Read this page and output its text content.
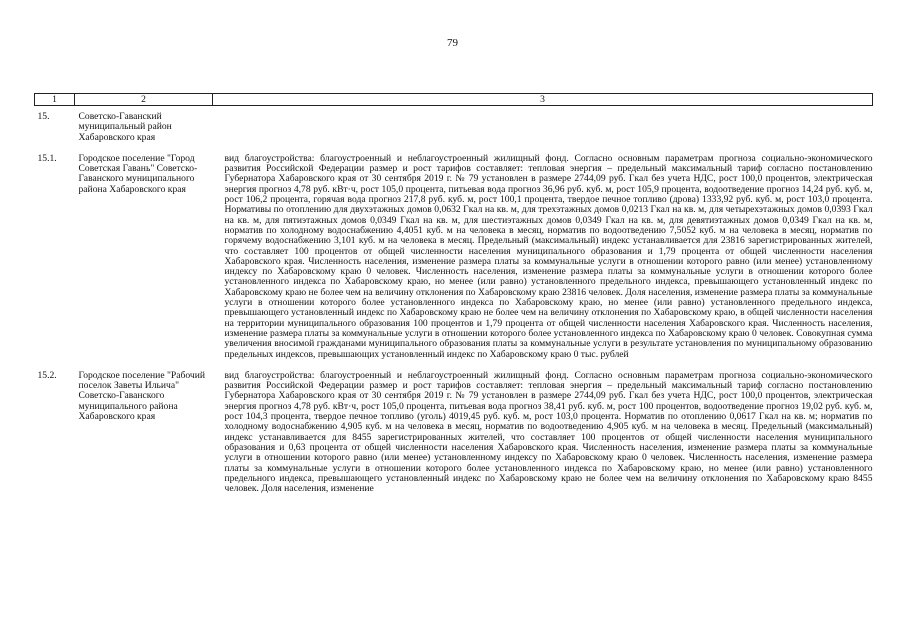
79
1	2	3

15.	Советско-Гаванский муниципальный район Хабаровского края	

15.1.	Городское поселение "Город Советская Гавань" Советско-Гаванского муниципального района Хабаровского края	вид благоустройства: благоустроенный и неблагоустроенный жилищный фонд. Согласно основным параметрам прогноза социально-экономического развития Российской Федерации размер и рост тарифов составляет: тепловая энергия – предельный максимальный тариф согласно постановлению Губернатора Хабаровского края от 30 сентября 2019 г. № 79 установлен в размере 2744,09 руб. Гкал без учета НДС, рост 100,0 процентов, электрическая энергия прогноз 4,78 руб. кВт·ч, рост 105,0 процента, питьевая вода прогноз 36,96 руб. куб. м, рост 105,9 процента, водоотведение прогноз 14,24 руб. куб. м, рост 106,2 процента, горячая вода прогноз 217,8 руб. куб. м, рост 100,1 процента, твердое печное топливо (дрова) 1333,92 руб. куб. м, рост 103,0 процента. Нормативы по отоплению для двухэтажных домов 0,0632 Гкал на кв. м, для трехэтажных домов 0,0213 Гкал на кв. м, для четырехэтажных домов 0,0393 Гкал на кв. м, для пятиэтажных домов 0,0349 Гкал на кв. м, для шестиэтажных домов 0,0349 Гкал на кв. м, для девятиэтажных домов 0,0349 Гкал на кв. м, норматив по холодному водоснабжению 4,4051 куб. м на человека в месяц, норматив по водоотведению 7,5052 куб. м на человека в месяц, норматив по горячему водоснабжению 3,101 куб. м на человека в месяц. Предельный (максимальный) индекс устанавливается для 23816 зарегистрированных жителей, что составляет 100 процентов от общей численности населения муниципального образования и 1,79 процента от общей численности населения Хабаровского края. Численность населения, изменение размера платы за коммунальные услуги в отношении которого равно (или менее) установленному индексу по Хабаровскому краю 0 человек. Численность населения, изменение размера платы за коммунальные услуги в отношении которого более установленного индекса по Хабаровскому краю, но менее (или равно) установленного предельного индекса, превышающего установленный индекс по Хабаровскому краю не более чем на величину отклонения по Хабаровскому краю 23816 человек. Доля населения, изменение размера платы за коммунальные услуги в отношении которого более установленного индекса по Хабаровскому краю, но менее (или равно) установленного предельного индекса, превышающего установленный индекс по Хабаровскому краю не более чем на величину отклонения по Хабаровскому краю, в общей численности населения на территории муниципального образования 100 процентов и 1,79 процента от общей численности населения Хабаровского края. Численность населения, изменение размера платы за коммунальные услуги в отношении которого более установленного индекса по Хабаровскому краю 0 человек. Совокупная сумма увеличения вносимой гражданами муниципального образования платы за коммунальные услуги в результате установления по муниципальному образованию предельных индексов, превышающих установленный индекс по Хабаровскому краю 0 тыс. рублей

15.2.	Городское поселение "Рабочий поселок Заветы Ильича" Советско-Гаванского муниципального района Хабаровского края	вид благоустройства: благоустроенный и неблагоустроенный жилищный фонд. Согласно основным параметрам прогноза социально-экономического развития Российской Федерации размер и рост тарифов составляет: тепловая энергия – предельный максимальный тариф согласно постановлению Губернатора Хабаровского края от 30 сентября 2019 г. № 79 установлен в размере 2744,09 руб. Гкал без учета НДС, рост 100,0 процентов, электрическая энергия прогноз 4,78 руб. кВт·ч, рост 105,0 процента, питьевая вода прогноз 38,41 руб. куб. м, рост 100 процентов, водоотведение прогноз 19,02 руб. куб. м, рост 104,3 процента, твердое печное топливо (уголь) 4019,45 руб. куб. м, рост 103,0 процента. Норматив по отоплению 0,0617 Гкал на кв. м; норматив по холодному водоснабжению 4,905 куб. м на человека в месяц, норматив по водоотведению 4,905 куб. м на человека в месяц. Предельный (максимальный) индекс устанавливается для 8455 зарегистрированных жителей, что составляет 100 процентов от общей численности населения муниципального образования и 0,63 процента от общей численности населения Хабаровского края. Численность населения, изменение размера платы за коммунальные услуги в отношении которого равно (или менее) установленному индексу по Хабаровскому краю 0 человек. Численность населения, изменение размера платы за коммунальные услуги в отношении которого более установленного индекса по Хабаровскому краю, но менее (или равно) установленного предельного индекса, превышающего установленный индекс по Хабаровскому краю не более чем на величину отклонения по Хабаровскому краю 8455 человек. Доля населения, изменение
